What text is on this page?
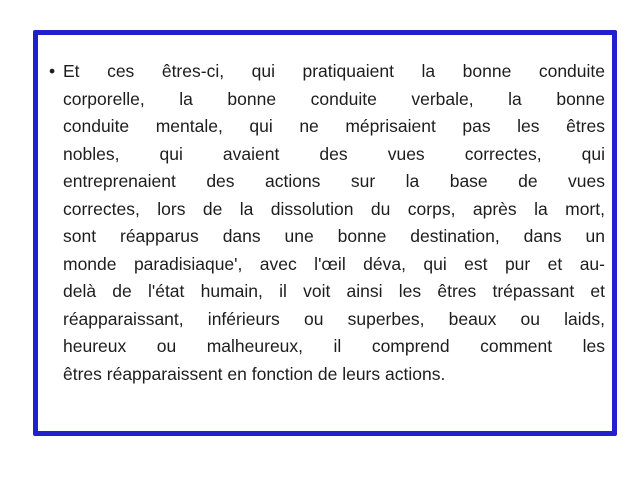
• Et ces êtres-ci, qui pratiquaient la bonne conduite
corporelle, la bonne conduite verbale, la bonne
conduite mentale, qui ne méprisaient pas les êtres
nobles, qui avaient des vues correctes, qui
entreprenaient des actions sur la base de vues
correctes, lors de la dissolution du corps, après la mort,
sont réapparus dans une bonne destination, dans un
monde paradisiaque', avec l'œil déva, qui est pur et au-
delà de l'état humain, il voit ainsi les êtres trépassant et
réapparaissant, inférieurs ou superbes, beaux ou laids,
heureux ou malheureux, il comprend comment les
êtres réapparaissent en fonction de leurs actions.
